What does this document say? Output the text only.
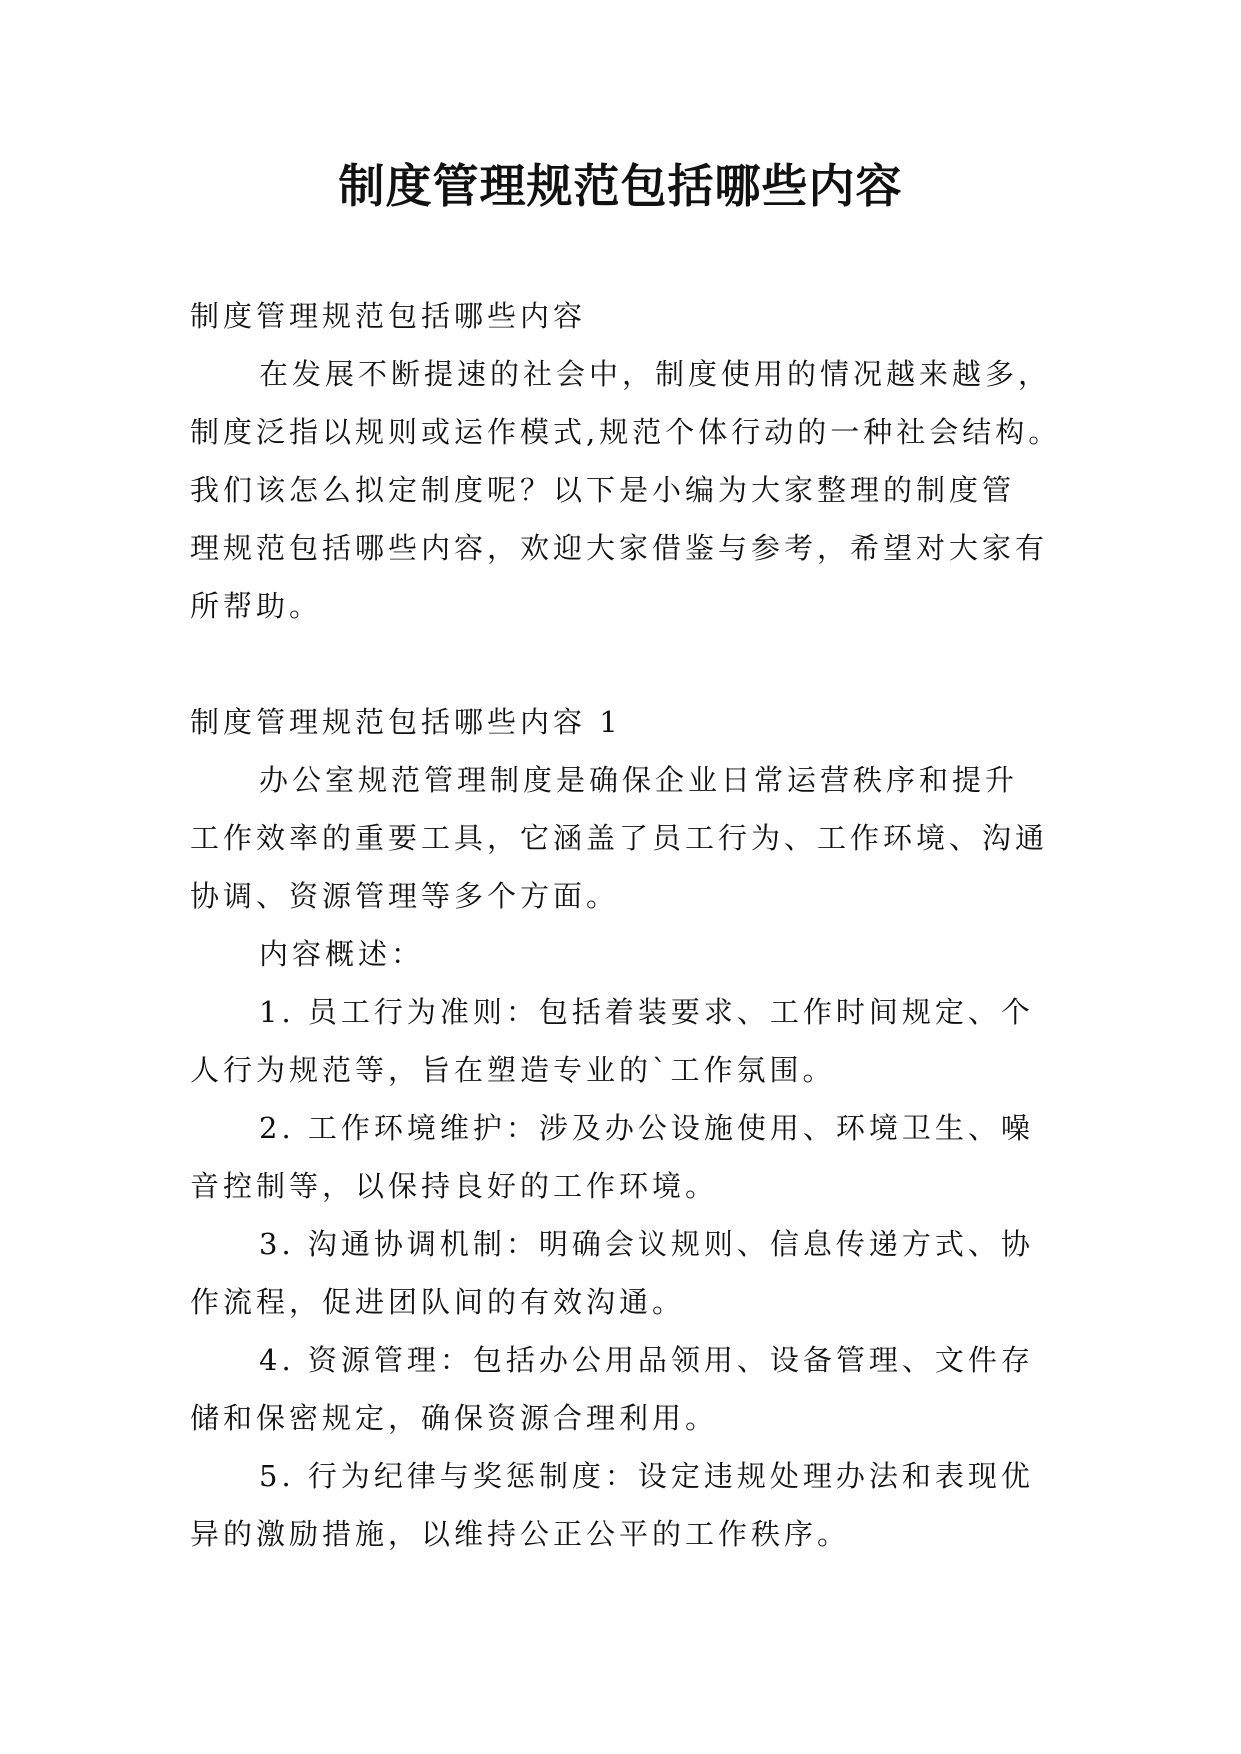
制度管理规范包括哪些内容

制度管理规范包括哪些内容

在发展不断提速的社会中，制度使用的情况越来越多，

制度泛指以规则或运作模式,规范个体行动的一种社会结构。

我们该怎么拟定制度呢？以下是小编为大家整理的制度管

理规范包括哪些内容，欢迎大家借鉴与参考，希望对大家有

所帮助。

制度管理规范包括哪些内容 1

办公室规范管理制度是确保企业日常运营秩序和提升

工作效率的重要工具，它涵盖了员工行为、工作环境、沟通

协调、资源管理等多个方面。

内容概述：

1. 员工行为准则：包括着装要求、工作时间规定、个

人行为规范等，旨在塑造专业的`工作氛围。

2. 工作环境维护：涉及办公设施使用、环境卫生、噪

音控制等，以保持良好的工作环境。

3. 沟通协调机制：明确会议规则、信息传递方式、协

作流程，促进团队间的有效沟通。

4. 资源管理：包括办公用品领用、设备管理、文件存

储和保密规定，确保资源合理利用。

5. 行为纪律与奖惩制度：设定违规处理办法和表现优

异的激励措施，以维持公正公平的工作秩序。
